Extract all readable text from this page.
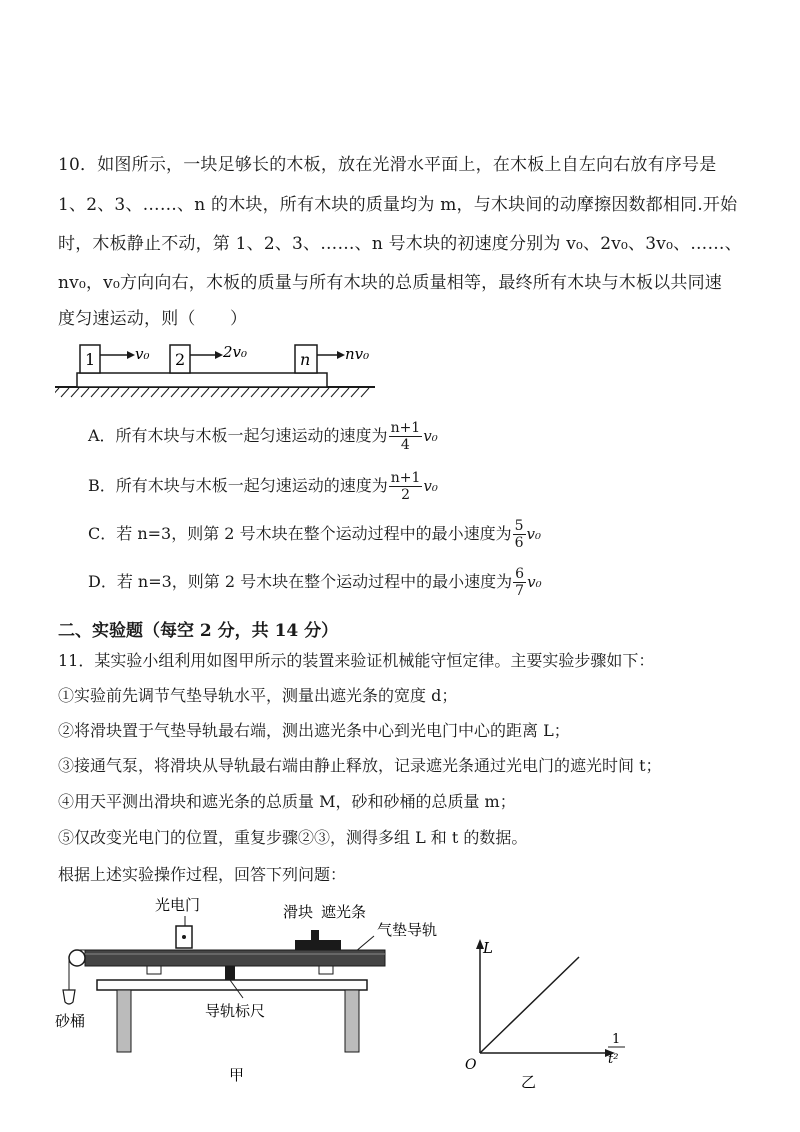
10．如图所示，一块足够长的木板，放在光滑水平面上，在木板上自左向右放有序号是
1、2、3、……、n 的木块，所有木块的质量均为 m，与木块间的动摩擦因数都相同.开始
时，木板静止不动，第 1、2、3、……、n 号木块的初速度分别为 v₀、2v₀、3v₀、……、
nv₀，v₀方向向右，木板的质量与所有木块的总质量相等，最终所有木块与木板以共同速
度匀速运动，则（　　）
1	v₀ 2	2v₀	n nv₀
A．所有木块与木板一起匀速运动的速度为 $\frac{n+1}{4} v_0$
B．所有木块与木板一起匀速运动的速度为 $\frac{n+1}{2} v_0$
C．若 n=3，则第 2 号木块在整个运动过程中的最小速度为 $\frac{5}{6} v_0$
D．若 n=3，则第 2 号木块在整个运动过程中的最小速度为 $\frac{6}{7} v_0$
二、实验题（每空 2 分，共 14 分）
11．某实验小组利用如图甲所示的装置来验证机械能守恒定律。主要实验步骤如下：
①实验前先调节气垫导轨水平，测量出遮光条的宽度 d；
②将滑块置于气垫导轨最右端，测出遮光条中心到光电门中心的距离 L；
③接通气泵，将滑块从导轨最右端由静止释放，记录遮光条通过光电门的遮光时间 t；
④用天平测出滑块和遮光条的总质量 M，砂和砂桶的总质量 m；
⑤仅改变光电门的位置，重复步骤②③，测得多组 L 和 t 的数据。
根据上述实验操作过程，回答下列问题：
光电门	滑块 遮光条
气垫导轨
砂桶
导轨标尺
甲
L
1
t²
O
乙
